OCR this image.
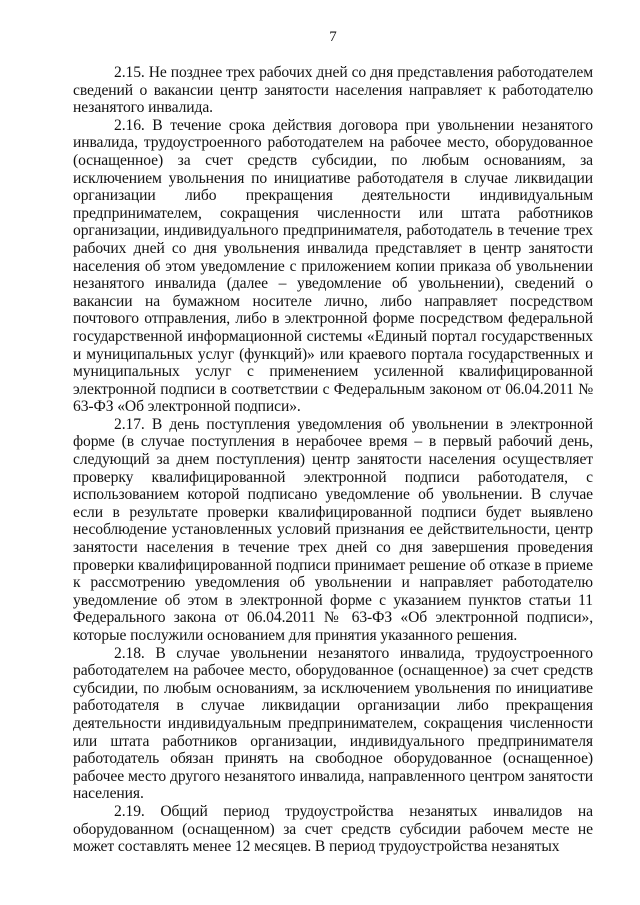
7

2.15. Не позднее трех рабочих дней со дня представления работодателем сведений о вакансии центр занятости населения направляет к работодателю незанятого инвалида.

2.16. В течение срока действия договора при увольнении незанятого инвалида, трудоустроенного работодателем на рабочее место, оборудованное (оснащенное) за счет средств субсидии, по любым основаниям, за исключением увольнения по инициативе работодателя в случае ликвидации организации либо прекращения деятельности индивидуальным предпринимателем, сокращения численности или штата работников организации, индивидуального предпринимателя, работодатель в течение трех рабочих дней со дня увольнения инвалида представляет в центр занятости населения об этом уведомление с приложением копии приказа об увольнении незанятого инвалида (далее – уведомление об увольнении), сведений о вакансии на бумажном носителе лично, либо направляет посредством почтового отправления, либо в электронной форме посредством федеральной государственной информационной системы «Единый портал государственных и муниципальных услуг (функций)» или краевого портала государственных и муниципальных услуг с применением усиленной квалифицированной электронной подписи в соответствии с Федеральным законом от 06.04.2011 № 63-ФЗ «Об электронной подписи».

2.17. В день поступления уведомления об увольнении в электронной форме (в случае поступления в нерабочее время – в первый рабочий день, следующий за днем поступления) центр занятости населения осуществляет проверку квалифицированной электронной подписи работодателя, с использованием которой подписано уведомление об увольнении. В случае если в результате проверки квалифицированной подписи будет выявлено несоблюдение установленных условий признания ее действительности, центр занятости населения в течение трех дней со дня завершения проведения проверки квалифицированной подписи принимает решение об отказе в приеме к рассмотрению уведомления об увольнении и направляет работодателю уведомление об этом в электронной форме с указанием пунктов статьи 11 Федерального закона от 06.04.2011 № 63-ФЗ «Об электронной подписи», которые послужили основанием для принятия указанного решения.

2.18. В случае увольнении незанятого инвалида, трудоустроенного работодателем на рабочее место, оборудованное (оснащенное) за счет средств субсидии, по любым основаниям, за исключением увольнения по инициативе работодателя в случае ликвидации организации либо прекращения деятельности индивидуальным предпринимателем, сокращения численности или штата работников организации, индивидуального предпринимателя работодатель обязан принять на свободное оборудованное (оснащенное) рабочее место другого незанятого инвалида, направленного центром занятости населения.

2.19. Общий период трудоустройства незанятых инвалидов на оборудованном (оснащенном) за счет средств субсидии рабочем месте не может составлять менее 12 месяцев. В период трудоустройства незанятых
